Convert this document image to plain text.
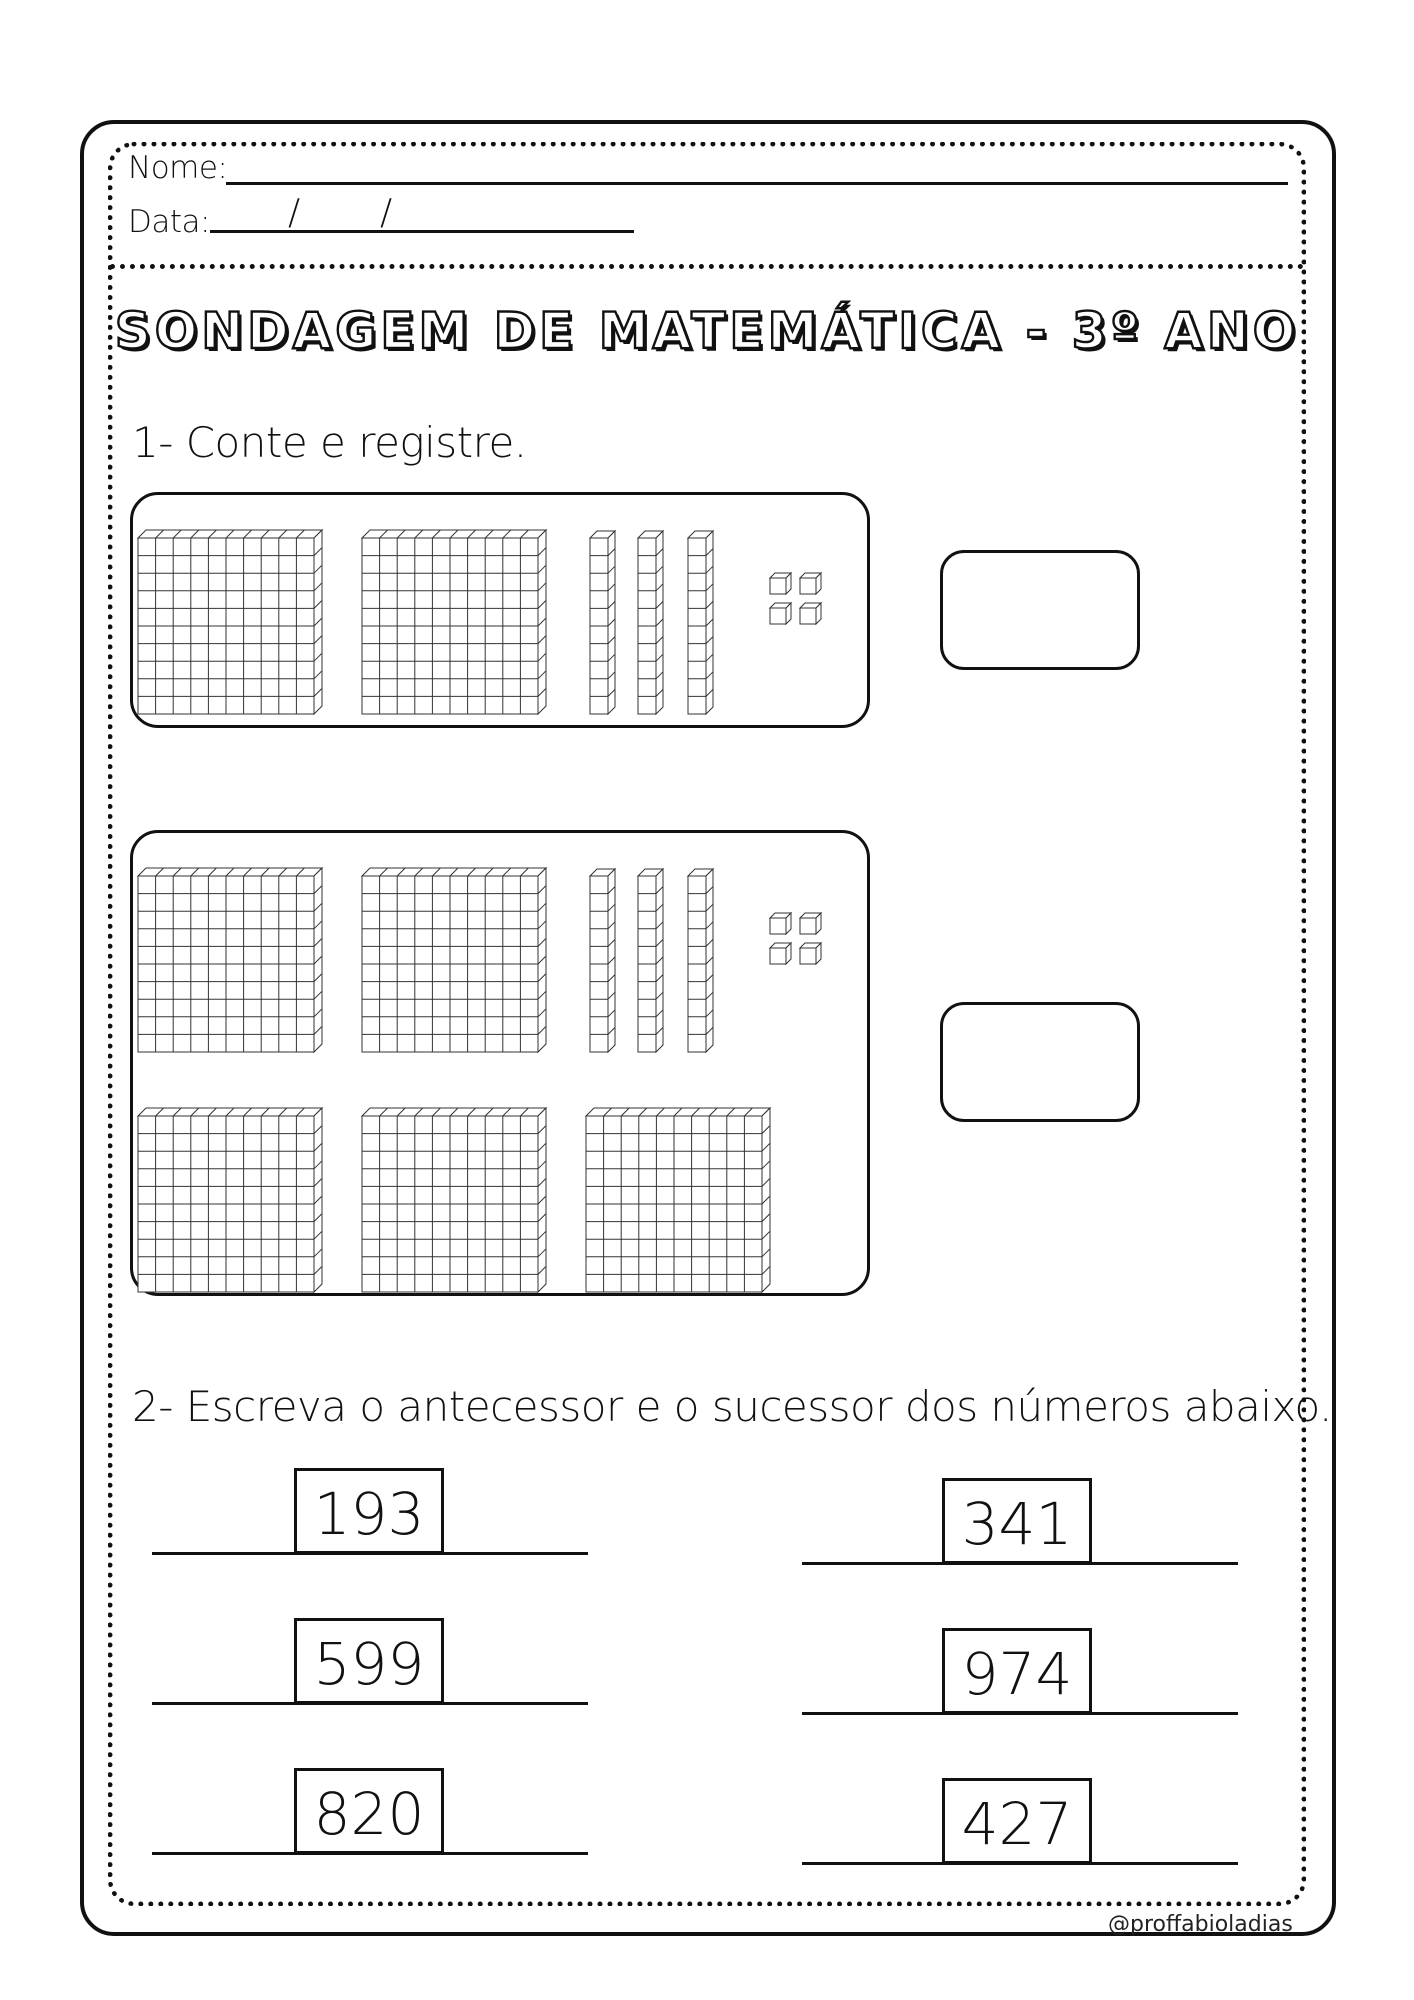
Nome:
Data: / /
SONDAGEM DE MATEMÁTICA - 3º ANO
1- Conte e registre.
2- Escreva o antecessor e o sucessor dos números abaixo.
193
599
820
341
974
427
@proffabioladias
